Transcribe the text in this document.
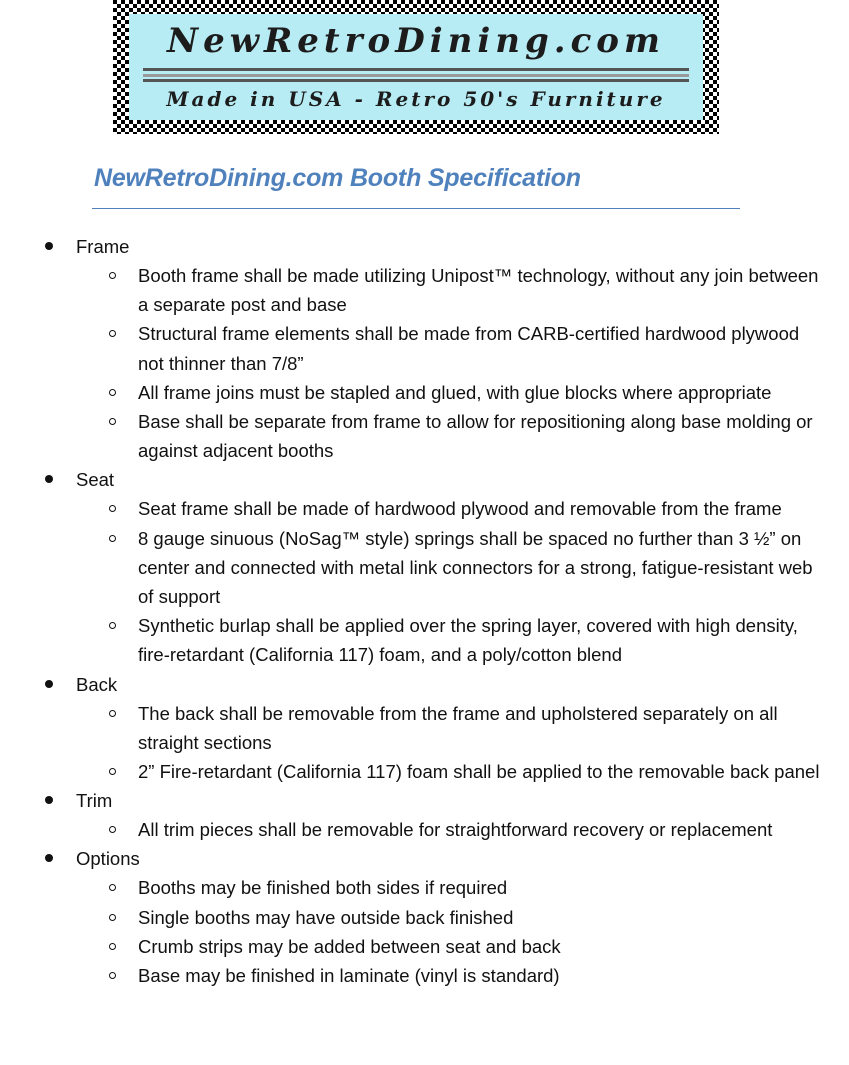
NewRetroDining.com
Made in USA - Retro 50's Furniture
NewRetroDining.com Booth Specification
Frame
Booth frame shall be made utilizing Unipost™ technology, without any join between a separate post and base
Structural frame elements shall be made from CARB-certified hardwood plywood not thinner than 7/8”
All frame joins must be stapled and glued, with glue blocks where appropriate
Base shall be separate from frame to allow for repositioning along base molding or against adjacent booths
Seat
Seat frame shall be made of hardwood plywood and removable from the frame
8 gauge sinuous (NoSag™ style) springs shall be spaced no further than 3 ½” on center and connected with metal link connectors for a strong, fatigue-resistant web of support
Synthetic burlap shall be applied over the spring layer, covered with high density, fire-retardant (California 117) foam, and a poly/cotton blend
Back
The back shall be removable from the frame and upholstered separately on all straight sections
2” Fire-retardant (California 117) foam shall be applied to the removable back panel
Trim
All trim pieces shall be removable for straightforward recovery or replacement
Options
Booths may be finished both sides if required
Single booths may have outside back finished
Crumb strips may be added between seat and back
Base may be finished in laminate (vinyl is standard)
